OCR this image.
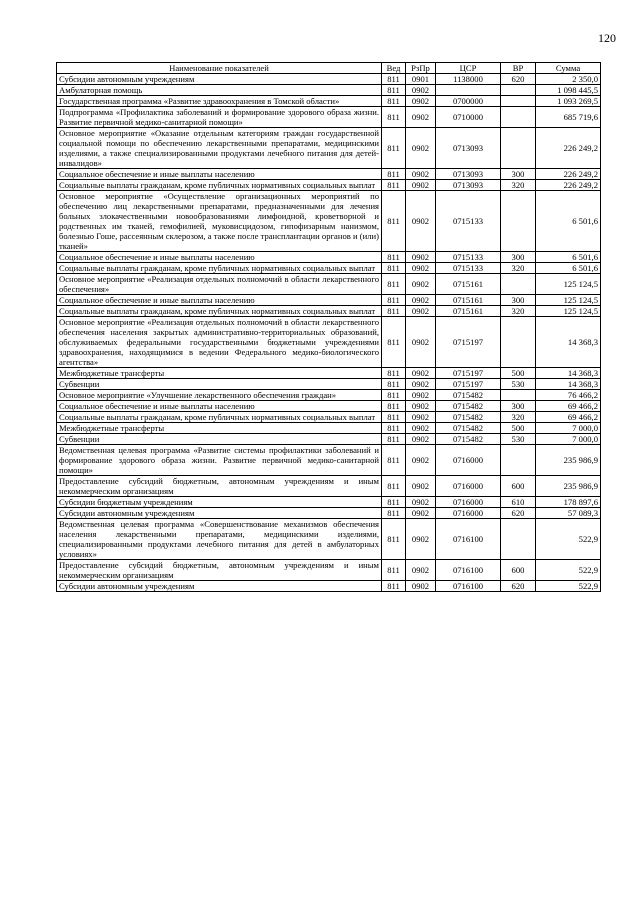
120
Наименование показателей	Вед	РзПр	ЦСР	ВР	Сумма
Субсидии автономным учреждениям	811	0901	1138000	620	2 350,0
Амбулаторная помощь	811	0902			1 098 445,5
Государственная программа «Развитие здравоохранения в Томской области»	811	0902	0700000		1 093 269,5
Подпрограмма «Профилактика заболеваний и формирование здорового образа жизни. Развитие первичной медико-санитарной помощи»	811	0902	0710000		685 719,6
Основное мероприятие «Оказание отдельным категориям граждан государственной социальной помощи по обеспечению лекарственными препаратами, медицинскими изделиями, а также специализированными продуктами лечебного питания для детей-инвалидов»	811	0902	0713093		226 249,2
Социальное обеспечение и иные выплаты населению	811	0902	0713093	300	226 249,2
Социальные выплаты гражданам, кроме публичных нормативных социальных выплат	811	0902	0713093	320	226 249,2
Основное мероприятие «Осуществление организационных мероприятий по обеспечению лиц лекарственными препаратами, предназначенными для лечения больных злокачественными новообразованиями лимфоидной, кроветворной и родственных им тканей, гемофилией, муковисцидозом, гипофизарным нанизмом, болезнью Гоше, рассеянным склерозом, а также после трансплантации органов и (или) тканей»	811	0902	0715133		6 501,6
Социальное обеспечение и иные выплаты населению	811	0902	0715133	300	6 501,6
Социальные выплаты гражданам, кроме публичных нормативных социальных выплат	811	0902	0715133	320	6 501,6
Основное мероприятие «Реализация отдельных полномочий в области лекарственного обеспечения»	811	0902	0715161		125 124,5
Социальное обеспечение и иные выплаты населению	811	0902	0715161	300	125 124,5
Социальные выплаты гражданам, кроме публичных нормативных социальных выплат	811	0902	0715161	320	125 124,5
Основное мероприятие «Реализация отдельных полномочий в области лекарственного обеспечения населения закрытых административно-территориальных образований, обслуживаемых федеральными государственными бюджетными учреждениями здравоохранения, находящимися в ведении Федерального медико-биологического агентства»	811	0902	0715197		14 368,3
Межбюджетные трансферты	811	0902	0715197	500	14 368,3
Субвенции	811	0902	0715197	530	14 368,3
Основное мероприятие «Улучшение лекарственного обеспечения граждан»	811	0902	0715482		76 466,2
Социальное обеспечение и иные выплаты населению	811	0902	0715482	300	69 466,2
Социальные выплаты гражданам, кроме публичных нормативных социальных выплат	811	0902	0715482	320	69 466,2
Межбюджетные трансферты	811	0902	0715482	500	7 000,0
Субвенции	811	0902	0715482	530	7 000,0
Ведомственная целевая программа «Развитие системы профилактики заболеваний и формирование здорового образа жизни. Развитие первичной медико-санитарной помощи»	811	0902	0716000		235 986,9
Предоставление субсидий бюджетным, автономным учреждениям и иным некоммерческим организациям	811	0902	0716000	600	235 986,9
Субсидии бюджетным учреждениям	811	0902	0716000	610	178 897,6
Субсидии автономным учреждениям	811	0902	0716000	620	57 089,3
Ведомственная целевая программа «Совершенствование механизмов обеспечения населения лекарственными препаратами, медицинскими изделиями, специализированными продуктами лечебного питания для детей в амбулаторных условиях»	811	0902	0716100		522,9
Предоставление субсидий бюджетным, автономным учреждениям и иным некоммерческим организациям	811	0902	0716100	600	522,9
Субсидии автономным учреждениям	811	0902	0716100	620	522,9
